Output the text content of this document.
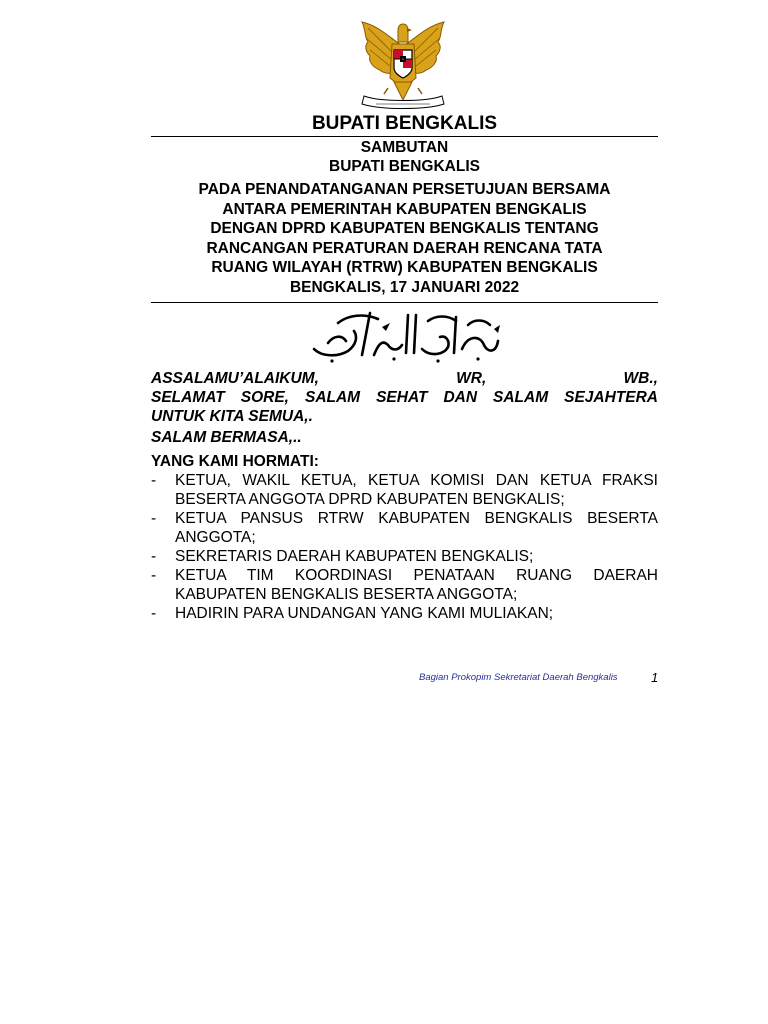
BUPATI BENGKALIS
SAMBUTAN
BUPATI BENGKALIS
PADA PENANDATANGANAN PERSETUJUAN BERSAMA
ANTARA PEMERINTAH KABUPATEN BENGKALIS
DENGAN DPRD KABUPATEN BENGKALIS TENTANG
RANCANGAN PERATURAN DAERAH RENCANA TATA
RUANG WILAYAH (RTRW) KABUPATEN BENGKALIS
BENGKALIS, 17 JANUARI 2022
ASSALAMU’ALAIKUM, WR, WB.,
SELAMAT SORE, SALAM SEHAT DAN SALAM SEJAHTERA
UNTUK KITA SEMUA,.
SALAM BERMASA,..
YANG KAMI HORMATI:
- KETUA, WAKIL KETUA, KETUA KOMISI DAN KETUA FRAKSI BESERTA ANGGOTA DPRD KABUPATEN BENGKALIS;
- KETUA PANSUS RTRW KABUPATEN BENGKALIS BESERTA ANGGOTA;
- SEKRETARIS DAERAH KABUPATEN BENGKALIS;
- KETUA TIM KOORDINASI PENATAAN RUANG DAERAH KABUPATEN BENGKALIS BESERTA ANGGOTA;
- HADIRIN PARA UNDANGAN YANG KAMI MULIAKAN;
Bagian Prokopim Sekretariat Daerah Bengkalis	1
